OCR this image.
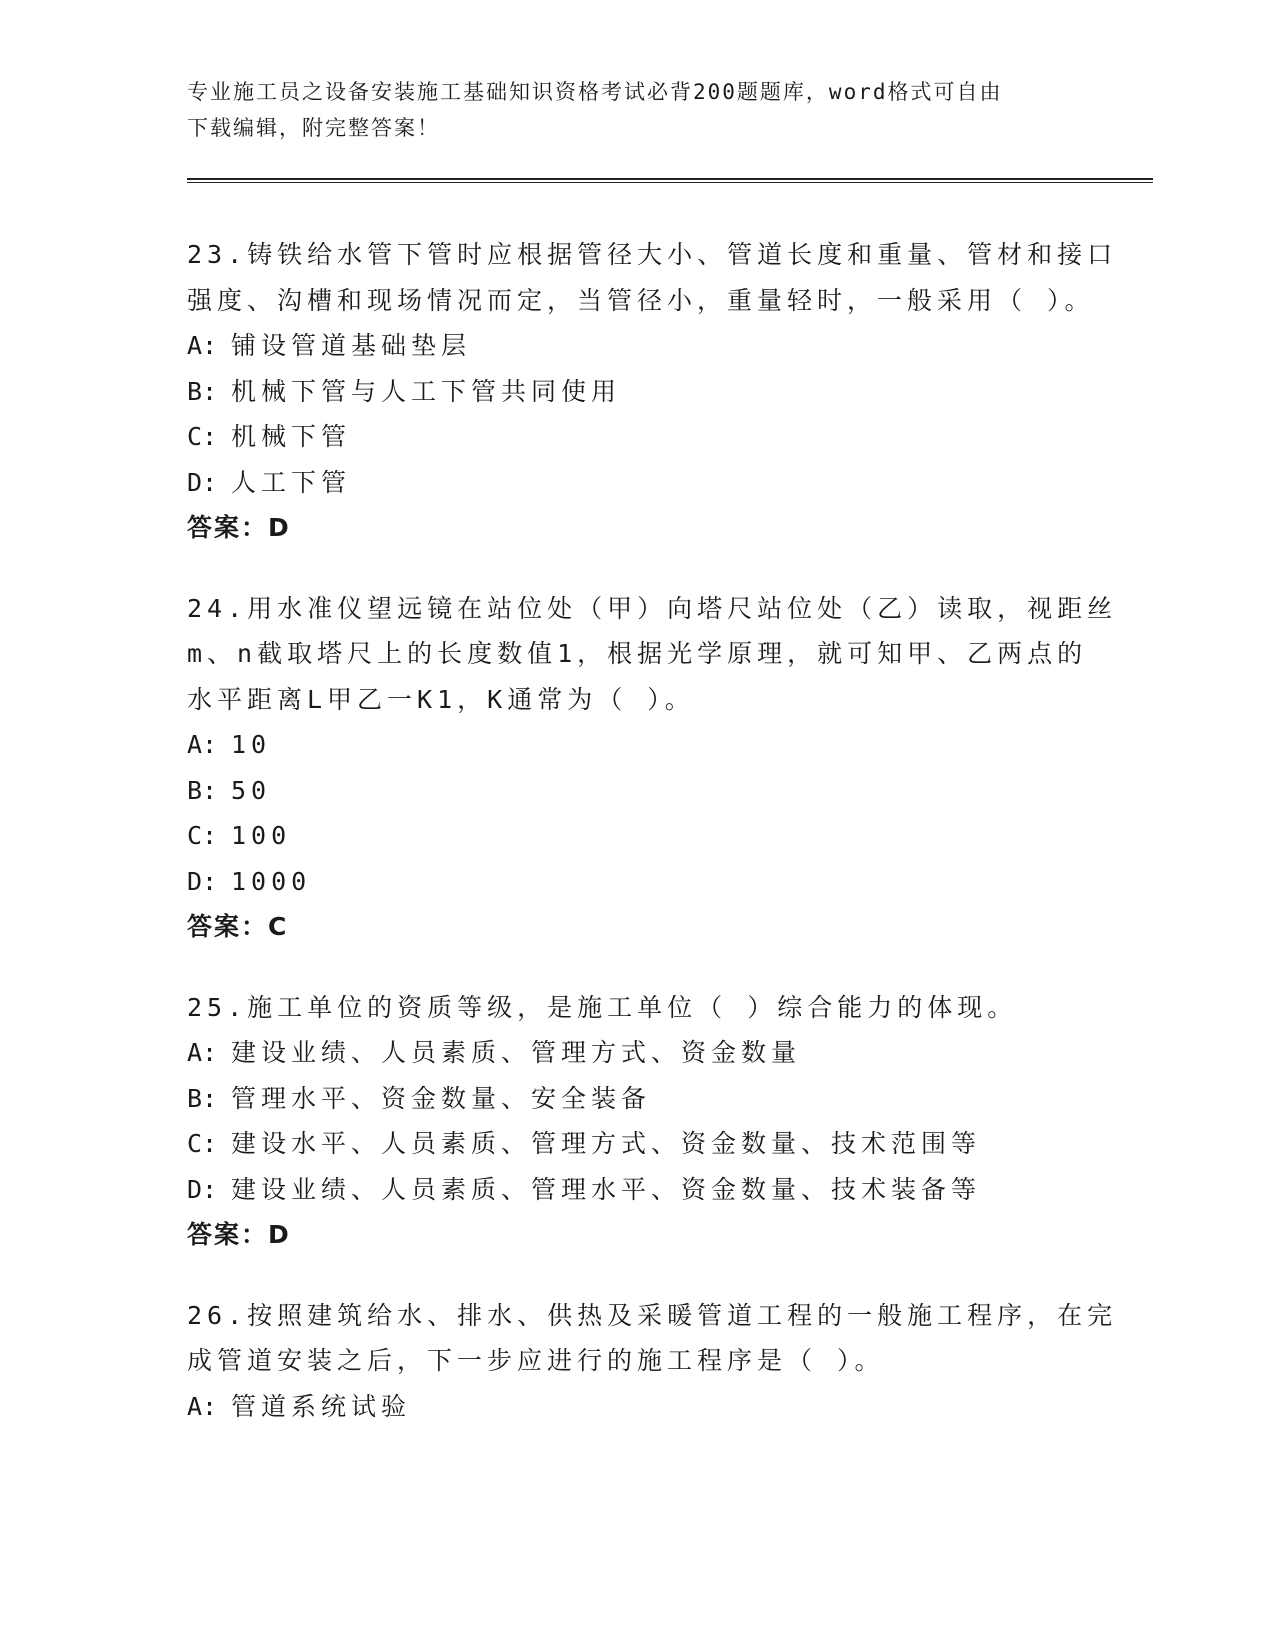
专业施工员之设备安装施工基础知识资格考试必背200题题库，word格式可自由
下载编辑，附完整答案！
23.铸铁给水管下管时应根据管径大小、管道长度和重量、管材和接口
强度、沟槽和现场情况而定，当管径小，重量轻时，一般采用（ ）。
A: 铺设管道基础垫层
B: 机械下管与人工下管共同使用
C: 机械下管
D: 人工下管
答案：D
24.用水准仪望远镜在站位处（甲）向塔尺站位处（乙）读取，视距丝
m、n截取塔尺上的长度数值1，根据光学原理，就可知甲、乙两点的
水平距离L甲乙一K1，K通常为（ ）。
A: 10
B: 50
C: 100
D: 1000
答案：C
25.施工单位的资质等级，是施工单位（ ）综合能力的体现。
A: 建设业绩、人员素质、管理方式、资金数量
B: 管理水平、资金数量、安全装备
C: 建设水平、人员素质、管理方式、资金数量、技术范围等
D: 建设业绩、人员素质、管理水平、资金数量、技术装备等
答案：D
26.按照建筑给水、排水、供热及采暖管道工程的一般施工程序，在完
成管道安装之后，下一步应进行的施工程序是（ ）。
A: 管道系统试验
